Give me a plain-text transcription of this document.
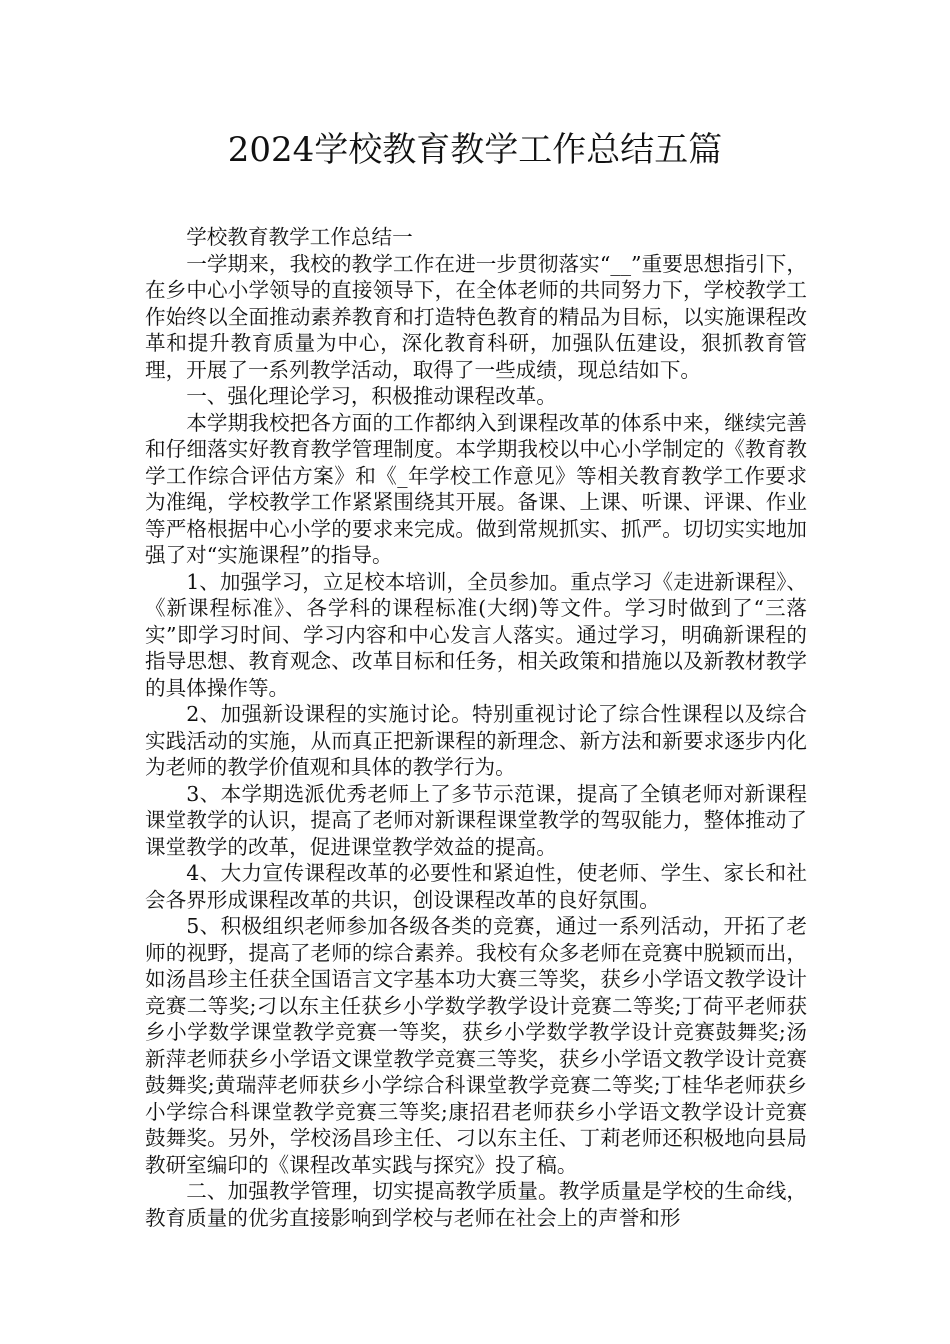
2024学校教育教学工作总结五篇

学校教育教学工作总结一

一学期来，我校的教学工作在进一步贯彻落实“__”重要思想指引下，在乡中心小学领导的直接领导下，在全体老师的共同努力下，学校教学工作始终以全面推动素养教育和打造特色教育的精品为目标，以实施课程改革和提升教育质量为中心，深化教育科研，加强队伍建设，狠抓教育管理，开展了一系列教学活动，取得了一些成绩，现总结如下。

一、强化理论学习，积极推动课程改革。

本学期我校把各方面的工作都纳入到课程改革的体系中来，继续完善和仔细落实好教育教学管理制度。本学期我校以中心小学制定的《教育教学工作综合评估方案》和《_年学校工作意见》等相关教育教学工作要求为准绳，学校教学工作紧紧围绕其开展。备课、上课、听课、评课、作业等严格根据中心小学的要求来完成。做到常规抓实、抓严。切切实实地加强了对“实施课程”的指导。

1、加强学习，立足校本培训，全员参加。重点学习《走进新课程》、《新课程标准》、各学科的课程标准(大纲)等文件。学习时做到了“三落实”即学习时间、学习内容和中心发言人落实。通过学习，明确新课程的指导思想、教育观念、改革目标和任务，相关政策和措施以及新教材教学的具体操作等。

2、加强新设课程的实施讨论。特别重视讨论了综合性课程以及综合实践活动的实施，从而真正把新课程的新理念、新方法和新要求逐步内化为老师的教学价值观和具体的教学行为。

3、本学期选派优秀老师上了多节示范课，提高了全镇老师对新课程课堂教学的认识，提高了老师对新课程课堂教学的驾驭能力，整体推动了课堂教学的改革，促进课堂教学效益的提高。

4、大力宣传课程改革的必要性和紧迫性，使老师、学生、家长和社会各界形成课程改革的共识，创设课程改革的良好氛围。

5、积极组织老师参加各级各类的竞赛，通过一系列活动，开拓了老师的视野，提高了老师的综合素养。我校有众多老师在竞赛中脱颖而出，如汤昌珍主任获全国语言文字基本功大赛三等奖，获乡小学语文教学设计竞赛二等奖;刁以东主任获乡小学数学教学设计竞赛二等奖;丁荷平老师获乡小学数学课堂教学竞赛一等奖，获乡小学数学教学设计竞赛鼓舞奖;汤新萍老师获乡小学语文课堂教学竞赛三等奖，获乡小学语文教学设计竞赛鼓舞奖;黄瑞萍老师获乡小学综合科课堂教学竞赛二等奖;丁桂华老师获乡小学综合科课堂教学竞赛三等奖;康招君老师获乡小学语文教学设计竞赛鼓舞奖。另外，学校汤昌珍主任、刁以东主任、丁莉老师还积极地向县局教研室编印的《课程改革实践与探究》投了稿。

二、加强教学管理，切实提高教学质量。教学质量是学校的生命线，教育质量的优劣直接影响到学校与老师在社会上的声誉和形
